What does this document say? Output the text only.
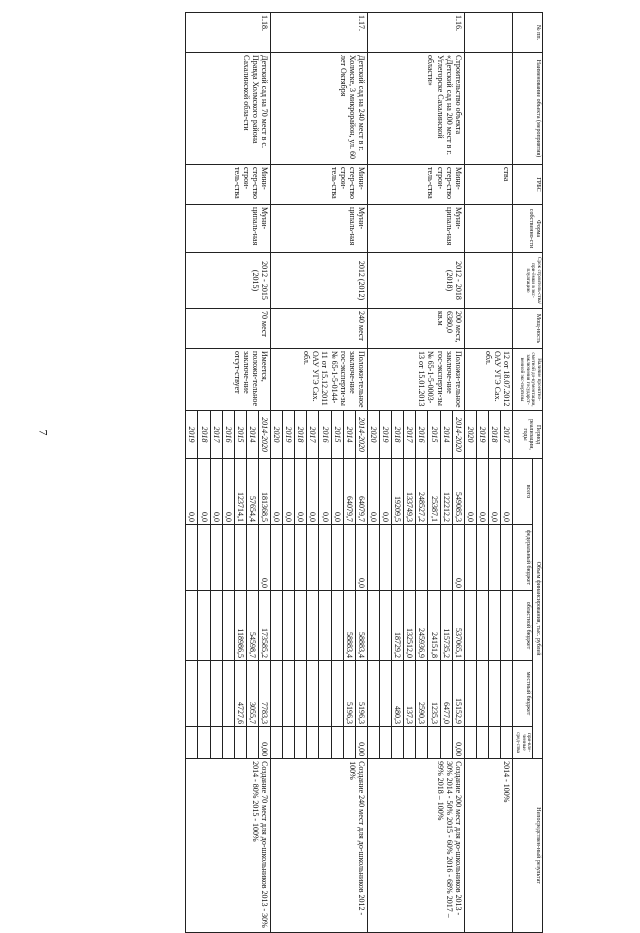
7
№ пп.	Наименование объекта (мероприятия)	ГРБС	Форма собственно-сти	Срок строитель-ства/при-ёмки в экс-плуатацию	Мощ-ность	Наличие проектно-сметной до-кументации, заключения государст-венной экс-пертизы	Период реализации, годы	Объем финансирования, тыс. рублей					Непосредствен-ный результат
								всего	федеральный бюджет	областной бюджет	местный бюджет	при-вле-ченные сред-ства	
		ства				12 от 18.07.2012 ОАУ УГЭ Сах. обл.	2017	0,0					2014 - 100%
							2018	0,0					
							2019	0,0					
							2020	0,0					
1.16.	Строительство объекта «Детский сад на 200 мест в г. Углегорске Сахалинской области»	Мини-стер-ство строи-тель-ства	Муни-ципаль-ная	2012 - 2018 (2018)	200 мест, 6380,0 кв.м	Положи-тельное заключе-ние гос-эксперти-зы № 65-1-5-0003-13 от 15.01.2013	2014-2020	549085,3	0,0	537065,1	15152,9	0,00	Создание 200 мест для до-школьников 2013 - 30% 2014 - 50% 2015 - 60% 2016 - 68% 2017 – 99% 2018 – 100%
							2014	122212,2		115735,2	6477,0		
							2015	25387,1		24151,8	1235,3		
							2016	248527,2		245936,9	2590,3		
							2017	133749,3		132512,0	137,3		
							2018	19209,5		18729,2	480,3		
							2019	0,0					
							2020	0,0					
1.17.	Детский сад на 240 мест в г. Холмске, 3 микрорайон, ул. 60 лет Октября	Мини-стер-ство строи-тель-ства	Муни-ципаль-ная	2012 (2012)	240 мест	Положи-тельное заключе-ние гос-эксперти-зы № 65-1-5-0144-11 от 15.12.2011 ОАУ УГЭ Сах. обл.	2014-2020	64079,7	0,0	58883,4	5196,3	0,00	Создание 240 мест для до-школьников 2012 - 100%
							2014	64079,7		58883,4	5196,3		
							2015	0,0					
							2016	0,0					
							2017	0,0					
							2018	0,0					
							2019	0,0					
							2020	0,0					
1.18.	Детский сад на 70 мест в с. Правда Холмского района Сахалинской обла-сти	Мини-стер-ство строи-тель-ства	Муни-ципаль-ная	2012 - 2015 (2015)	70 мест	Имеется, положи-тельное заключе-ние отсут-ствует	2014-2020	181368,5	0,0	173585,2	7783,3	0,00	Создание 70 мест для до-школьников 2013 - 30% 2014 - 80% 2015 - 100%
							2014	57654,4		54598,7	3055,7		
							2015	123714,1		118986,5	4727,6		
							2016	0,0					
							2017	0,0					
							2018	0,0					
							2019	0,0					
